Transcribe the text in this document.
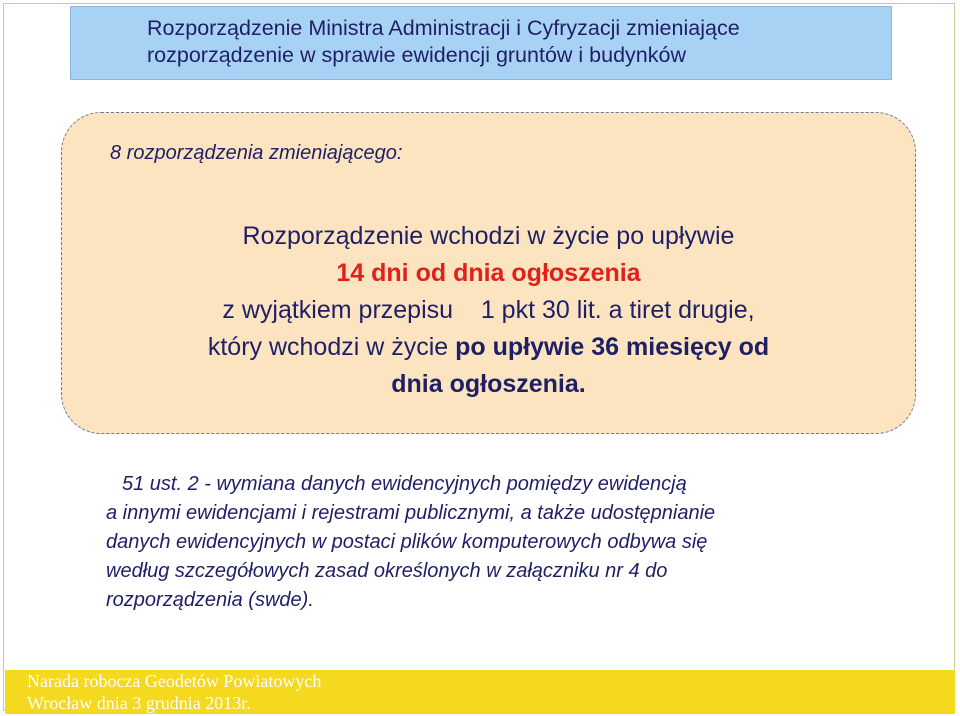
Rozporządzenie Ministra Administracji i Cyfryzacji zmieniające
rozporządzenie w sprawie ewidencji gruntów i budynków
8 rozporządzenia zmieniającego:
Rozporządzenie wchodzi w życie po upływie
14 dni od dnia ogłoszenia
z wyjątkiem przepisu    1 pkt 30 lit. a tiret drugie,
który wchodzi w życie po upływie 36 miesięcy od
dnia ogłoszenia.
51 ust. 2 - wymiana danych ewidencyjnych pomiędzy ewidencją
a innymi ewidencjami i rejestrami publicznymi, a także udostępnianie
danych ewidencyjnych w postaci plików komputerowych odbywa się
według szczegółowych zasad określonych w załączniku nr 4 do
rozporządzenia (swde).
Narada robocza Geodetów Powiatowych
Wrocław dnia 3 grudnia 2013r.
